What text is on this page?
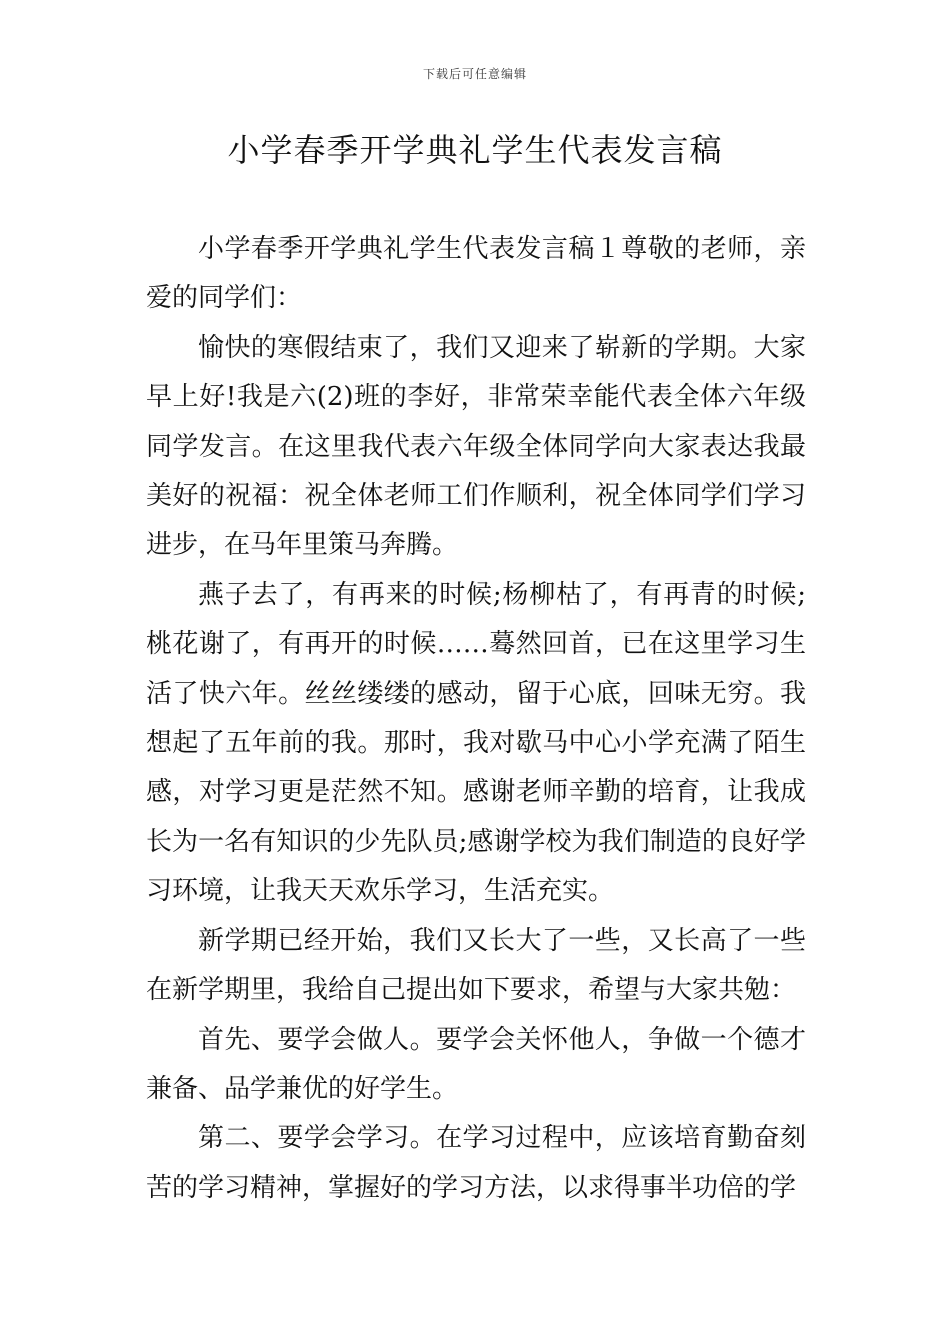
下载后可任意编辑
小学春季开学典礼学生代表发言稿

小学春季开学典礼学生代表发言稿１尊敬的老师，亲爱的同学们：

愉快的寒假结束了，我们又迎来了崭新的学期。大家早上好!我是六(2)班的李好，非常荣幸能代表全体六年级同学发言。在这里我代表六年级全体同学向大家表达我最美好的祝福：祝全体老师工们作顺利，祝全体同学们学习进步，在马年里策马奔腾。

燕子去了，有再来的时候;杨柳枯了，有再青的时候;桃花谢了，有再开的时候……蓦然回首，已在这里学习生活了快六年。丝丝缕缕的感动，留于心底，回味无穷。我想起了五年前的我。那时，我对歇马中心小学充满了陌生感，对学习更是茫然不知。感谢老师辛勤的培育，让我成长为一名有知识的少先队员;感谢学校为我们制造的良好学习环境，让我天天欢乐学习，生活充实。

新学期已经开始，我们又长大了一些，又长高了一些在新学期里，我给自己提出如下要求，希望与大家共勉：

首先、要学会做人。要学会关怀他人，争做一个德才兼备、品学兼优的好学生。

第二、要学会学习。在学习过程中，应该培育勤奋刻苦的学习精神，掌握好的学习方法，以求得事半功倍的学
